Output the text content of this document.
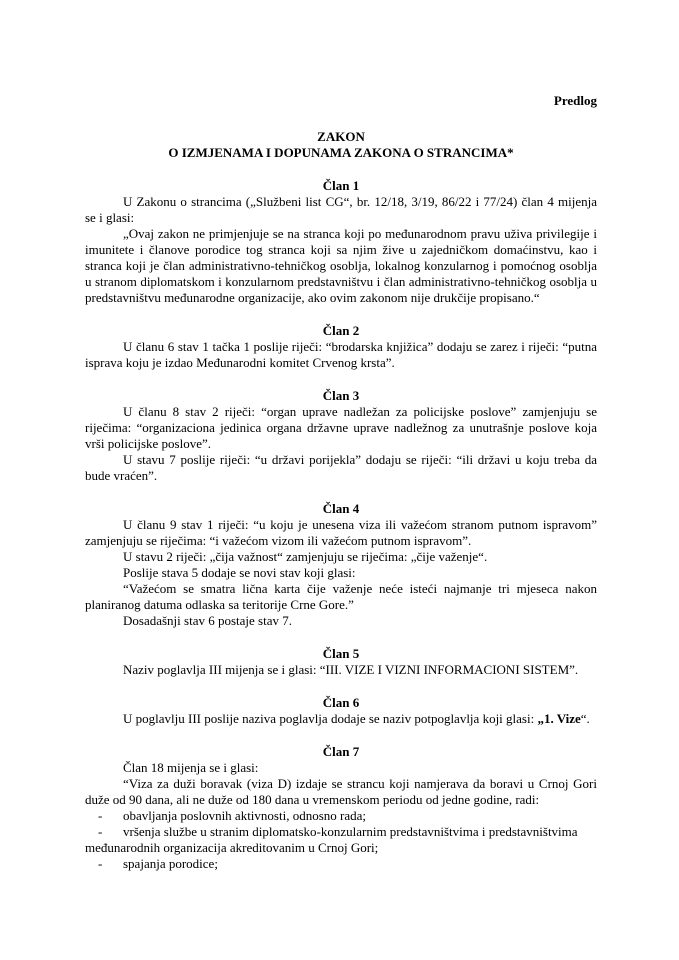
Predlog
ZAKON
O IZMJENAMA I DOPUNAMA ZAKONA O STRANCIMA*
Član 1
U Zakonu o strancima („Službeni list CG“, br. 12/18, 3/19, 86/22 i 77/24) član 4 mijenja se i glasi:
„Ovaj zakon ne primjenjuje se na stranca koji po međunarodnom pravu uživa privilegije i imunitete i članove porodice tog stranca koji sa njim žive u zajedničkom domaćinstvu, kao i stranca koji je član administrativno-tehničkog osoblja, lokalnog konzularnog i pomoćnog osoblja u stranom diplomatskom i konzularnom predstavništvu i član administrativno-tehničkog osoblja u predstavništvu međunarodne organizacije, ako ovim zakonom nije drukčije propisano.“
Član 2
U članu 6 stav 1 tačka 1 poslije riječi: “brodarska knjižica” dodaju se zarez i riječi: “putna isprava koju je izdao Međunarodni komitet Crvenog krsta”.
Član 3
U članu 8 stav 2 riječi: “organ uprave nadležan za policijske poslove” zamjenjuju se riječima: “organizaciona jedinica organa državne uprave nadležnog za unutrašnje poslove koja vrši policijske poslove”.
U stavu 7 poslije riječi: “u državi porijekla” dodaju se riječi: “ili državi u koju treba da bude vraćen”.
Član 4
U članu 9 stav 1 riječi: “u koju je unesena viza ili važećom stranom putnom ispravom” zamjenjuju se riječima: “i važećom vizom ili važećom putnom ispravom”.
U stavu 2 riječi: „čija važnost“ zamjenjuju se riječima: „čije važenje“.
Poslije stava 5 dodaje se novi stav koji glasi:
“Važećom se smatra lična karta čije važenje neće isteći najmanje tri mjeseca nakon planiranog datuma odlaska sa teritorije Crne Gore.”
Dosadašnji stav 6 postaje stav 7.
Član 5
Naziv poglavlja III mijenja se i glasi: “III. VIZE I VIZNI INFORMACIONI SISTEM”.
Član 6
U poglavlju III poslije naziva poglavlja dodaje se naziv potpoglavlja koji glasi: „1. Vize“.
Član 7
Član 18 mijenja se i glasi:
“Viza za duži boravak (viza D) izdaje se strancu koji namjerava da boravi u Crnoj Gori duže od 90 dana, ali ne duže od 180 dana u vremenskom periodu od jedne godine, radi:
- obavljanja poslovnih aktivnosti, odnosno rada;
- vršenja službe u stranim diplomatsko-konzularnim predstavništvima i predstavništvima
međunarodnih organizacija akreditovanim u Crnoj Gori;
- spajanja porodice;
